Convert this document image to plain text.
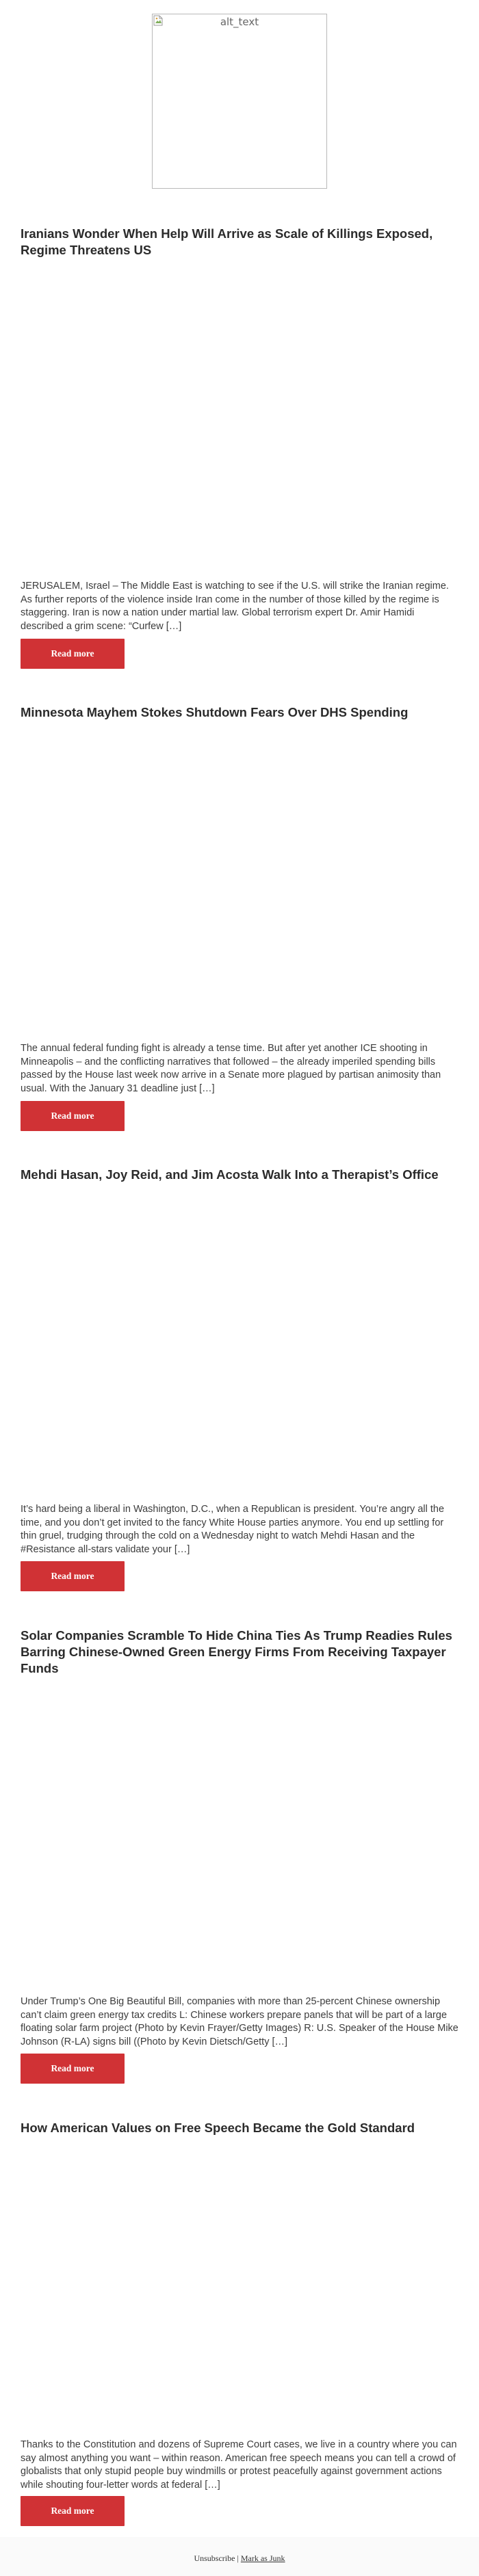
alt_text
Iranians Wonder When Help Will Arrive as Scale of Killings Exposed, Regime Threatens US

JERUSALEM, Israel – The Middle East is watching to see if the U.S. will strike the Iranian regime. As further reports of the violence inside Iran come in the number of those killed by the regime is staggering. Iran is now a nation under martial law. Global terrorism expert Dr. Amir Hamidi described a grim scene: “Curfew […]

Read more
Minnesota Mayhem Stokes Shutdown Fears Over DHS Spending

The annual federal funding fight is already a tense time. But after yet another ICE shooting in Minneapolis – and the conflicting narratives that followed – the already imperiled spending bills passed by the House last week now arrive in a Senate more plagued by partisan animosity than usual. With the January 31 deadline just […]

Read more
Mehdi Hasan, Joy Reid, and Jim Acosta Walk Into a Therapist’s Office

It’s hard being a liberal in Washington, D.C., when a Republican is president. You’re angry all the time, and you don’t get invited to the fancy White House parties anymore. You end up settling for thin gruel, trudging through the cold on a Wednesday night to watch Mehdi Hasan and the #Resistance all-stars validate your […]

Read more
Solar Companies Scramble To Hide China Ties As Trump Readies Rules Barring Chinese-Owned Green Energy Firms From Receiving Taxpayer Funds

Under Trump’s One Big Beautiful Bill, companies with more than 25-percent Chinese ownership can’t claim green energy tax credits L: Chinese workers prepare panels that will be part of a large floating solar farm project (Photo by Kevin Frayer/Getty Images) R: U.S. Speaker of the House Mike Johnson (R-LA) signs bill ((Photo by Kevin Dietsch/Getty […]

Read more
How American Values on Free Speech Became the Gold Standard

Thanks to the Constitution and dozens of Supreme Court cases, we live in a country where you can say almost anything you want – within reason. American free speech means you can tell a crowd of globalists that only stupid people buy windmills or protest peacefully against government actions while shouting four-letter words at federal […]

Read more
Unsubscribe | Mark as Junk
